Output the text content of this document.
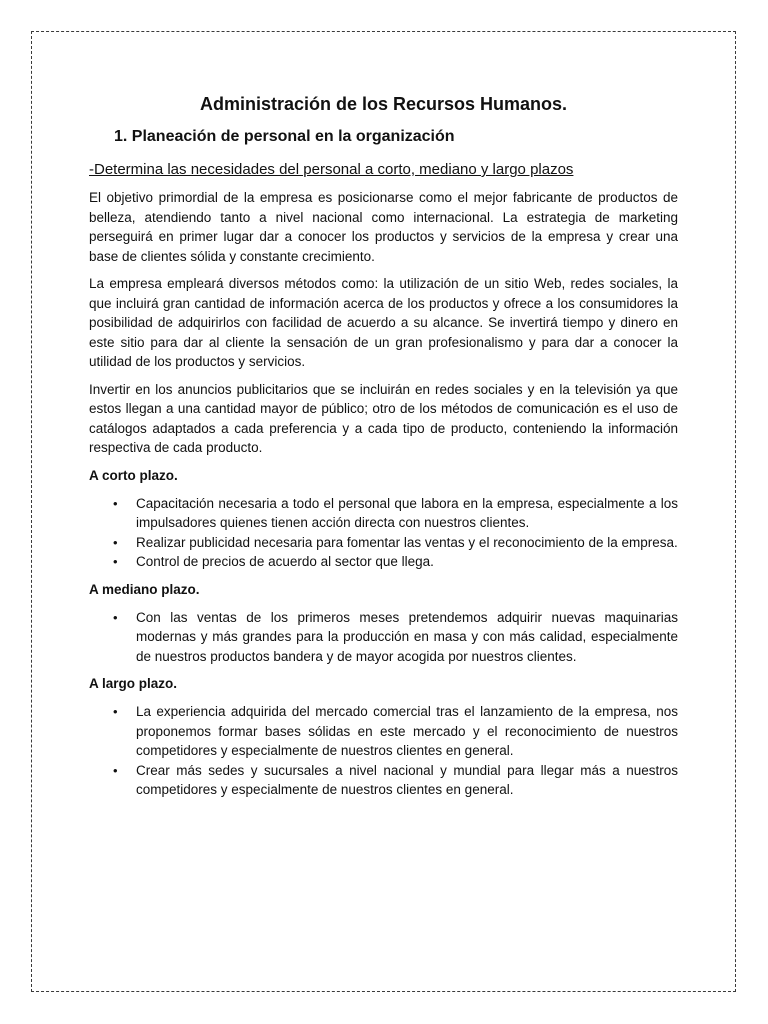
Administración de los Recursos Humanos.
1. Planeación de personal en la organización
-Determina las necesidades del personal a corto, mediano y largo plazos

El objetivo primordial de la empresa es posicionarse como el mejor fabricante de productos de belleza, atendiendo tanto a nivel nacional como internacional. La estrategia de marketing perseguirá en primer lugar dar a conocer los productos y servicios de la empresa y crear una base de clientes sólida y constante crecimiento.

La empresa empleará diversos métodos como: la utilización de un sitio Web, redes sociales, la que incluirá gran cantidad de información acerca de los productos y ofrece a los consumidores la posibilidad de adquirirlos con facilidad de acuerdo a su alcance. Se invertirá tiempo y dinero en este sitio para dar al cliente la sensación de un gran profesionalismo y para dar a conocer la utilidad de los productos y servicios.

Invertir en los anuncios publicitarios que se incluirán en redes sociales y en la televisión ya que estos llegan a una cantidad mayor de público; otro de los métodos de comunicación es el uso de catálogos adaptados a cada preferencia y a cada tipo de producto, conteniendo la información respectiva de cada producto.

A corto plazo.
• Capacitación necesaria a todo el personal que labora en la empresa, especialmente a los impulsadores quienes tienen acción directa con nuestros clientes.
• Realizar publicidad necesaria para fomentar las ventas y el reconocimiento de la empresa.
• Control de precios de acuerdo al sector que llega.
A mediano plazo.
• Con las ventas de los primeros meses pretendemos adquirir nuevas maquinarias modernas y más grandes para la producción en masa y con más calidad, especialmente de nuestros productos bandera y de mayor acogida por nuestros clientes.
A largo plazo.
• La experiencia adquirida del mercado comercial tras el lanzamiento de la empresa, nos proponemos formar bases sólidas en este mercado y el reconocimiento de nuestros competidores y especialmente de nuestros clientes en general.
• Crear más sedes y sucursales a nivel nacional y mundial para llegar más a nuestros competidores y especialmente de nuestros clientes en general.
